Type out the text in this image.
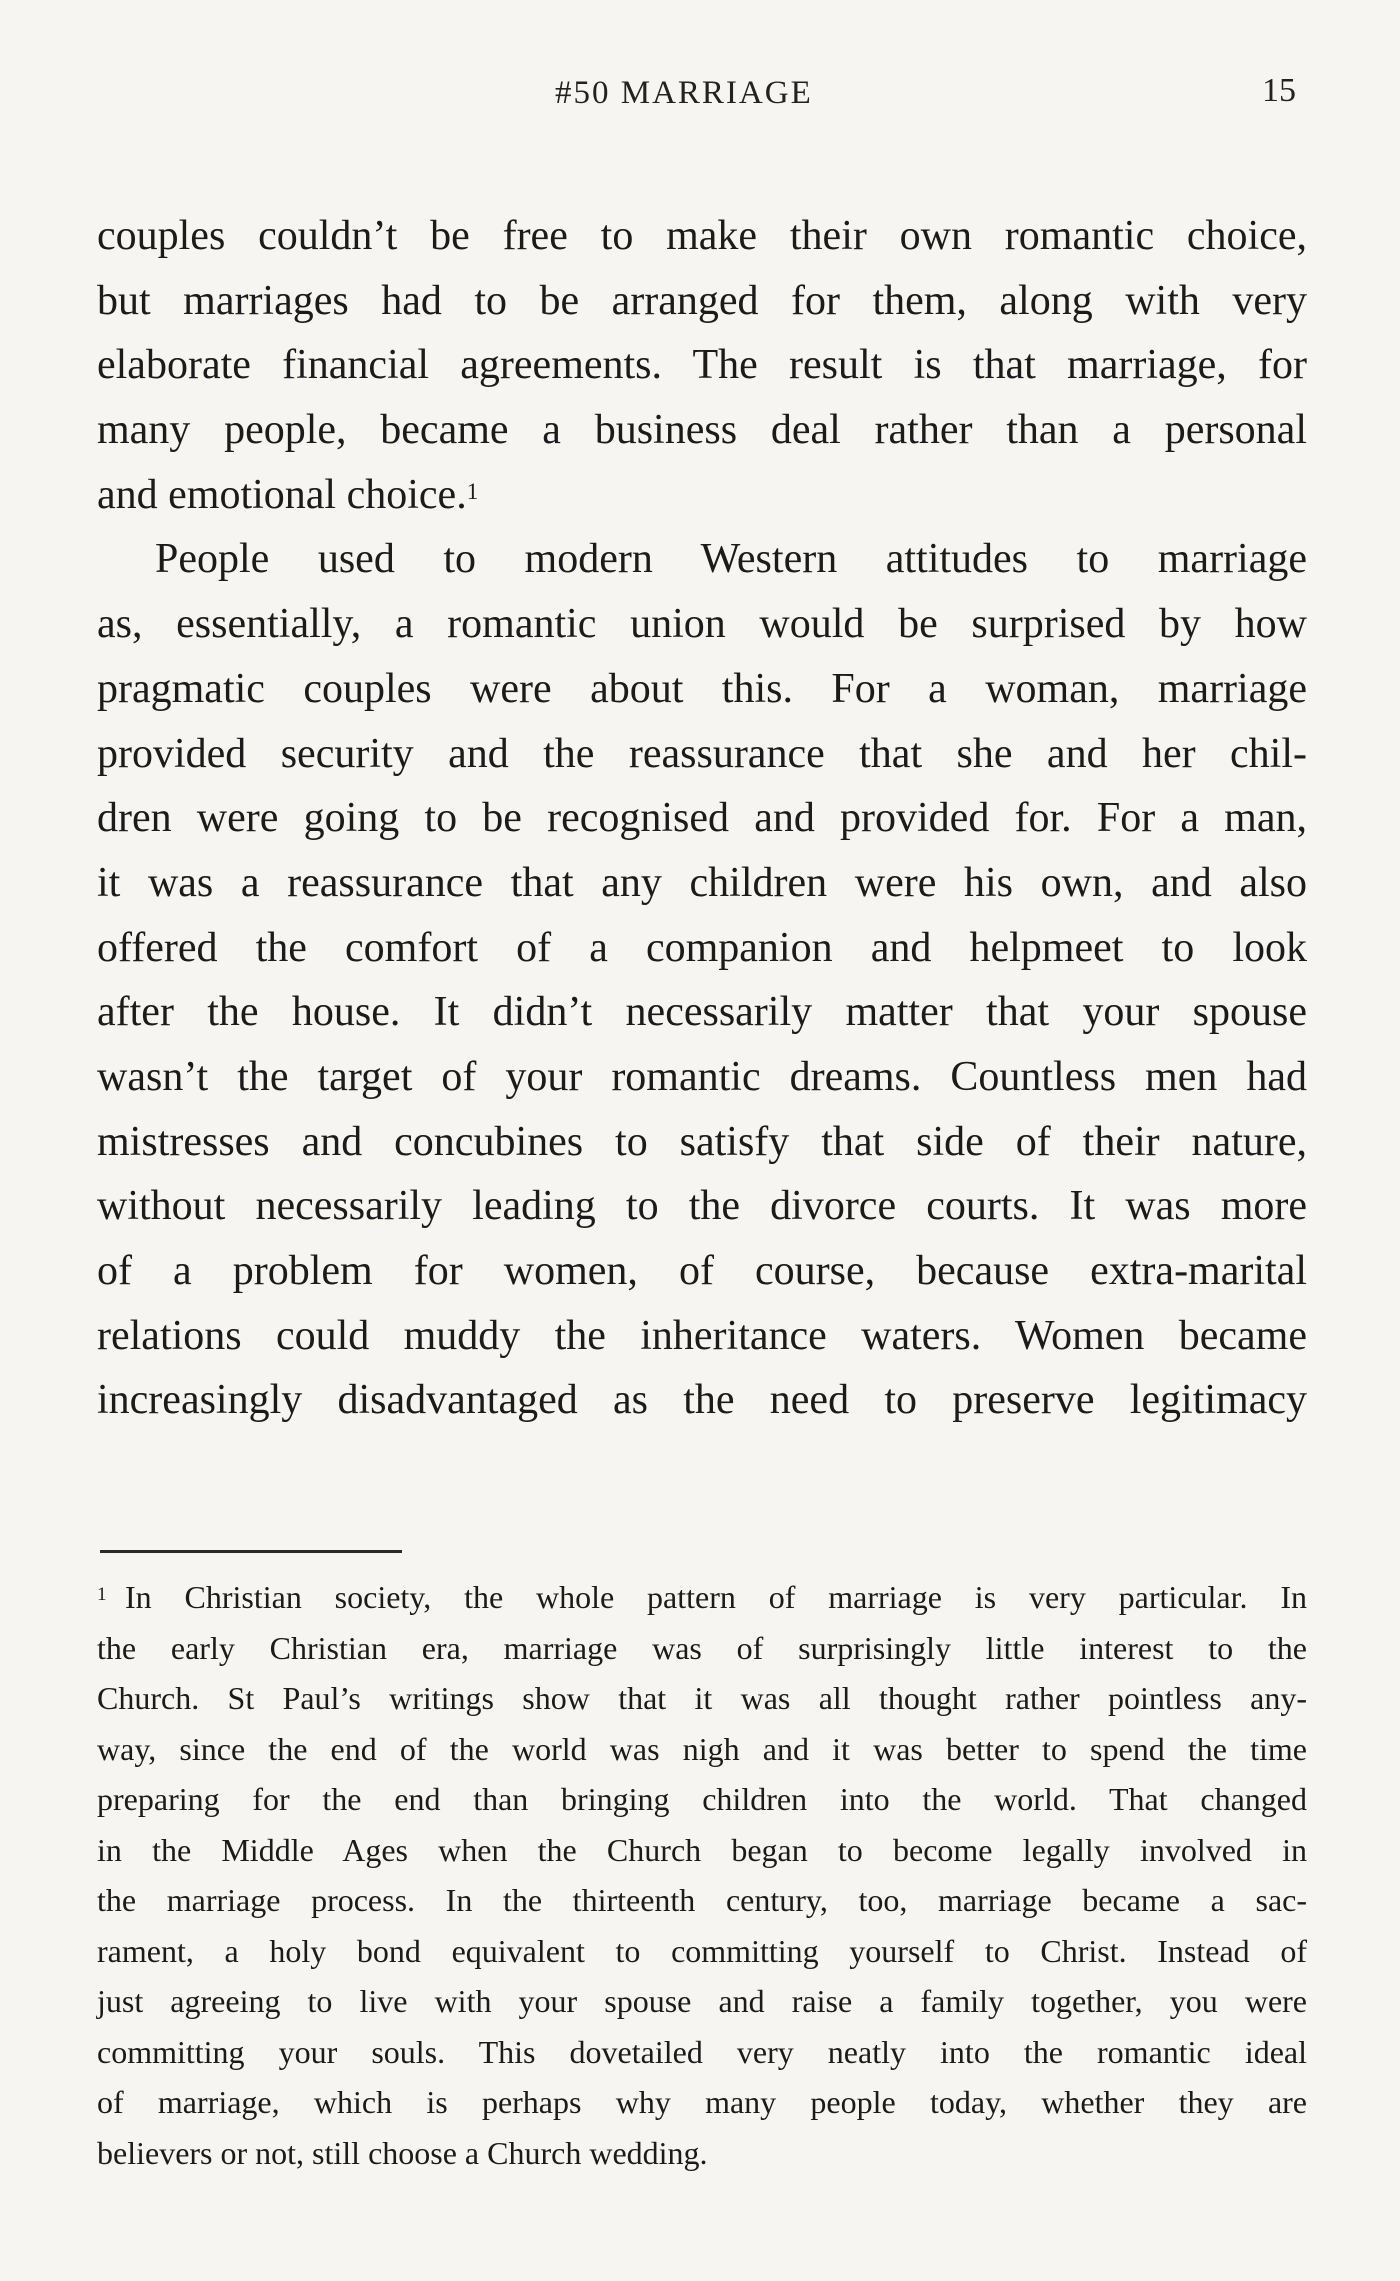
#50 MARRIAGE	15
couples couldn’t be free to make their own romantic choice,
but marriages had to be arranged for them, along with very
elaborate financial agreements. The result is that marriage, for
many people, became a business deal rather than a personal
and emotional choice.$^1$
People used to modern Western attitudes to marriage
as, essentially, a romantic union would be surprised by how
pragmatic couples were about this. For a woman, marriage
provided security and the reassurance that she and her chil-
dren were going to be recognised and provided for. For a man,
it was a reassurance that any children were his own, and also
offered the comfort of a companion and helpmeet to look
after the house. It didn’t necessarily matter that your spouse
wasn’t the target of your romantic dreams. Countless men had
mistresses and concubines to satisfy that side of their nature,
without necessarily leading to the divorce courts. It was more
of a problem for women, of course, because extra-marital
relations could muddy the inheritance waters. Women became
increasingly disadvantaged as the need to preserve legitimacy
1 In Christian society, the whole pattern of marriage is very particular. In
the early Christian era, marriage was of surprisingly little interest to the
Church. St Paul’s writings show that it was all thought rather pointless any-
way, since the end of the world was nigh and it was better to spend the time
preparing for the end than bringing children into the world. That changed
in the Middle Ages when the Church began to become legally involved in
the marriage process. In the thirteenth century, too, marriage became a sac-
rament, a holy bond equivalent to committing yourself to Christ. Instead of
just agreeing to live with your spouse and raise a family together, you were
committing your souls. This dovetailed very neatly into the romantic ideal
of marriage, which is perhaps why many people today, whether they are
believers or not, still choose a Church wedding.
